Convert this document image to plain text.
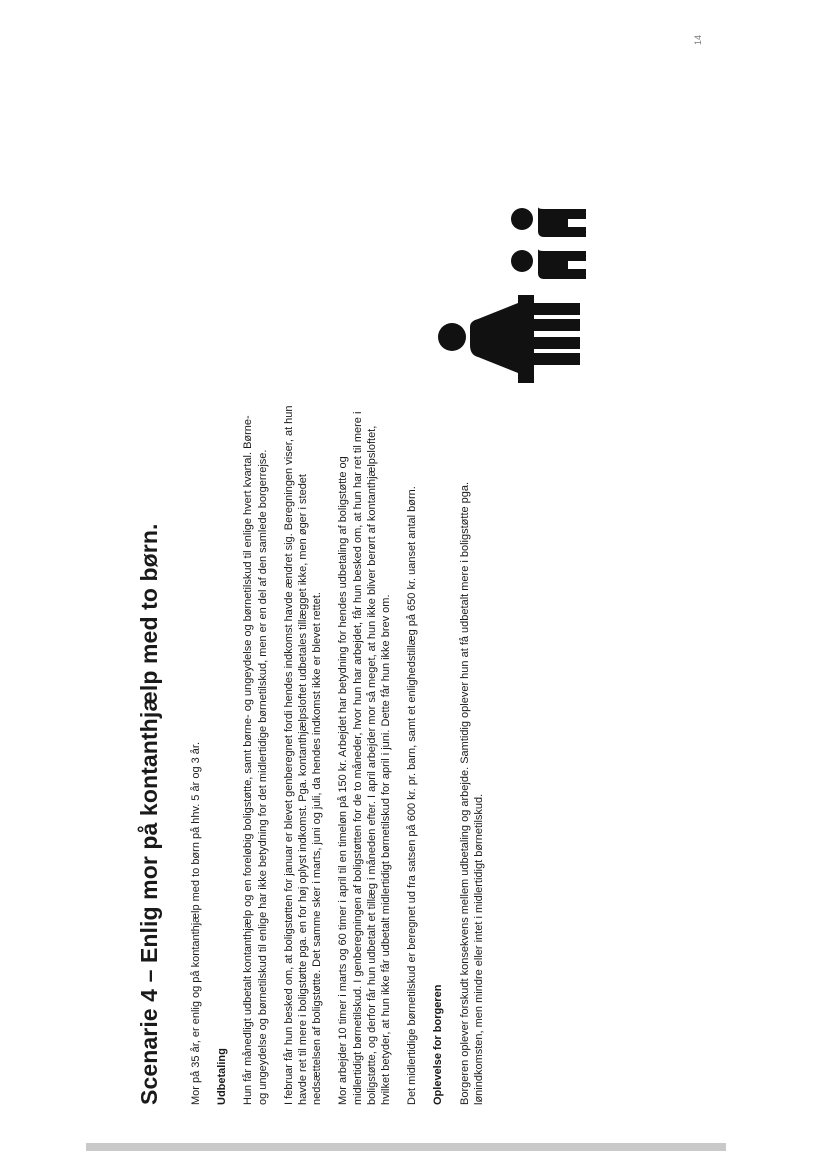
14
Scenarie 4 – Enlig mor på kontanthjælp med to børn.	Mor på 35 år, er enlig og på kontanthjælp med to børn på hhv. 5 år og 3 år. Udbetaling Hun får månedligt udbetalt kontanthjælp og en foreløbig boligstøtte, samt børne- og ungeydelse og børnetilskud til enlige hvert kvartal. Børne- og ungeydelse og børnetilskud til enlige har ikke betydning for det midlertidige børnetilskud, men er en del af den samlede borgerrejse. I februar får hun besked om, at boligstøtten for januar er blevet genberegnet fordi hendes indkomst havde ændret sig. Beregningen viser, at hun havde ret til mere i boligstøtte pga. en for høj oplyst indkomst. Pga. kontanthjælpsloftet udbetales tillægget ikke, men øger i stedet nedsættelsen af boligstøtte. Det samme sker i marts, juni og juli, da hendes indkomst ikke er blevet rettet. Mor arbejder 10 timer i marts og 60 timer i april til en timeløn på 150 kr. Arbejdet har betydning for hendes udbetaling af boligstøtte og midlertidigt børnetilskud. I genberegningen af boligstøtten for de to måneder, hvor hun har arbejdet, får hun besked om, at hun har ret til mere i boligstøtte, og derfor får hun udbetalt et tillæg i måneden efter. I april arbejder mor så meget, at hun ikke bliver berørt af kontanthjælpsloftet, hvilket betyder, at hun ikke får udbetalt midlertidigt børnetilskud for april i juni. Dette får hun ikke brev om. Det midlertidige børnetilskud er beregnet ud fra satsen på 600 kr. pr. barn, samt et enlighedstillæg på 650 kr. uanset antal børn. Oplevelse for borgeren Borgeren oplever forskudt konsekvens mellem udbetaling og arbejde. Samtidig oplever hun at få udbetalt mere i boligstøtte pga. lønindkomsten, men mindre eller intet i midlertidigt børnetilskud.
